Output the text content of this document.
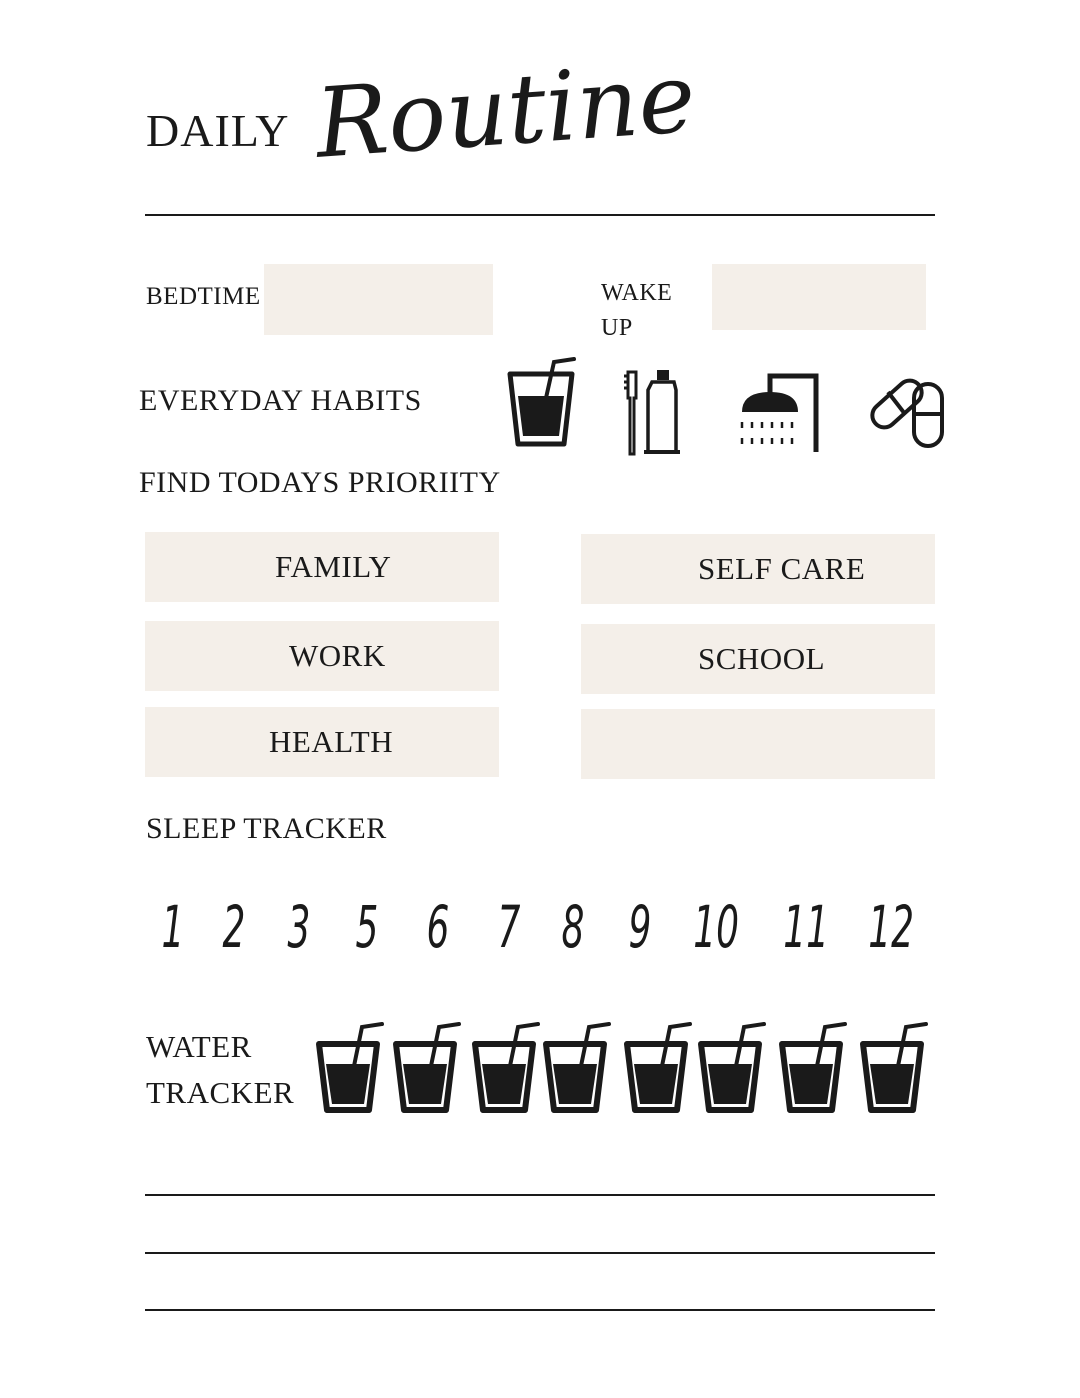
DAILY Routine
BEDTIME	WAKE
UP
EVERYDAY HABITS
FIND TODAYS PRIORIITY
FAMILY
WORK
HEALTH
SELF CARE
SCHOOL
SLEEP TRACKER
1 2 3 5 6 7 8 9 10 11 12
WATER
TRACKER
